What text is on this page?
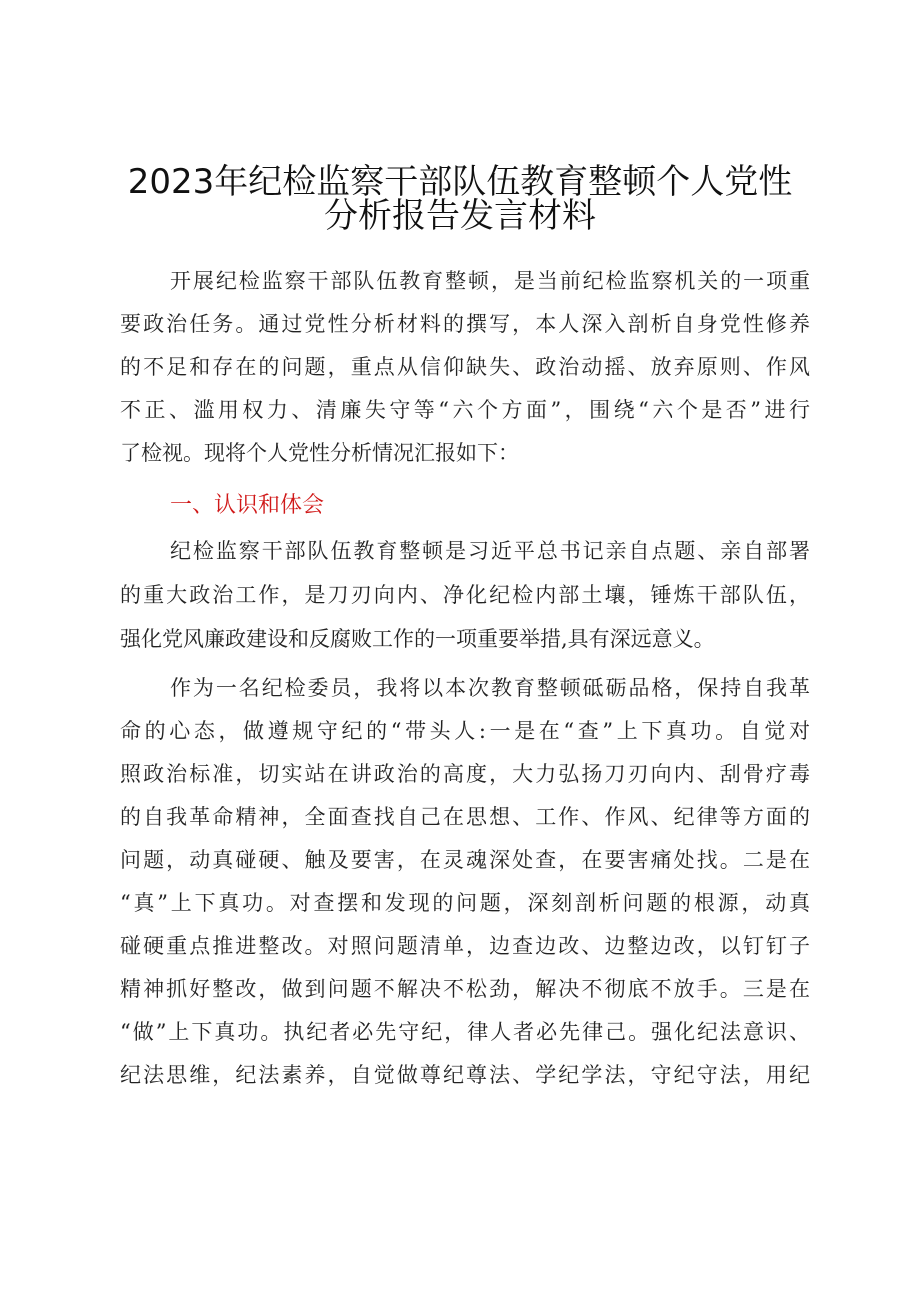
2023年纪检监察干部队伍教育整顿个人党性
分析报告发言材料
开展纪检监察干部队伍教育整顿，是当前纪检监察机关的一项重
要政治任务。通过党性分析材料的撰写，本人深入剖析自身党性修养
的不足和存在的问题，重点从信仰缺失、政治动摇、放弃原则、作风
不正、滥用权力、清廉失守等“六个方面”，围绕“六个是否”进行
了检视。现将个人党性分析情况汇报如下：
一、认识和体会
纪检监察干部队伍教育整顿是习近平总书记亲自点题、亲自部署
的重大政治工作，是刀刃向内、净化纪检内部土壤，锤炼干部队伍，
强化党风廉政建设和反腐败工作的一项重要举措,具有深远意义。
作为一名纪检委员，我将以本次教育整顿砥砺品格，保持自我革
命的心态，做遵规守纪的“带头人:一是在“查”上下真功。自觉对
照政治标准，切实站在讲政治的高度，大力弘扬刀刃向内、刮骨疗毒
的自我革命精神，全面查找自己在思想、工作、作风、纪律等方面的
问题，动真碰硬、触及要害，在灵魂深处查，在要害痛处找。二是在
“真”上下真功。对查摆和发现的问题，深刻剖析问题的根源，动真
碰硬重点推进整改。对照问题清单，边查边改、边整边改，以钉钉子
精神抓好整改，做到问题不解决不松劲，解决不彻底不放手。三是在
“做”上下真功。执纪者必先守纪，律人者必先律己。强化纪法意识、
纪法思维，纪法素养，自觉做尊纪尊法、学纪学法，守纪守法，用纪
